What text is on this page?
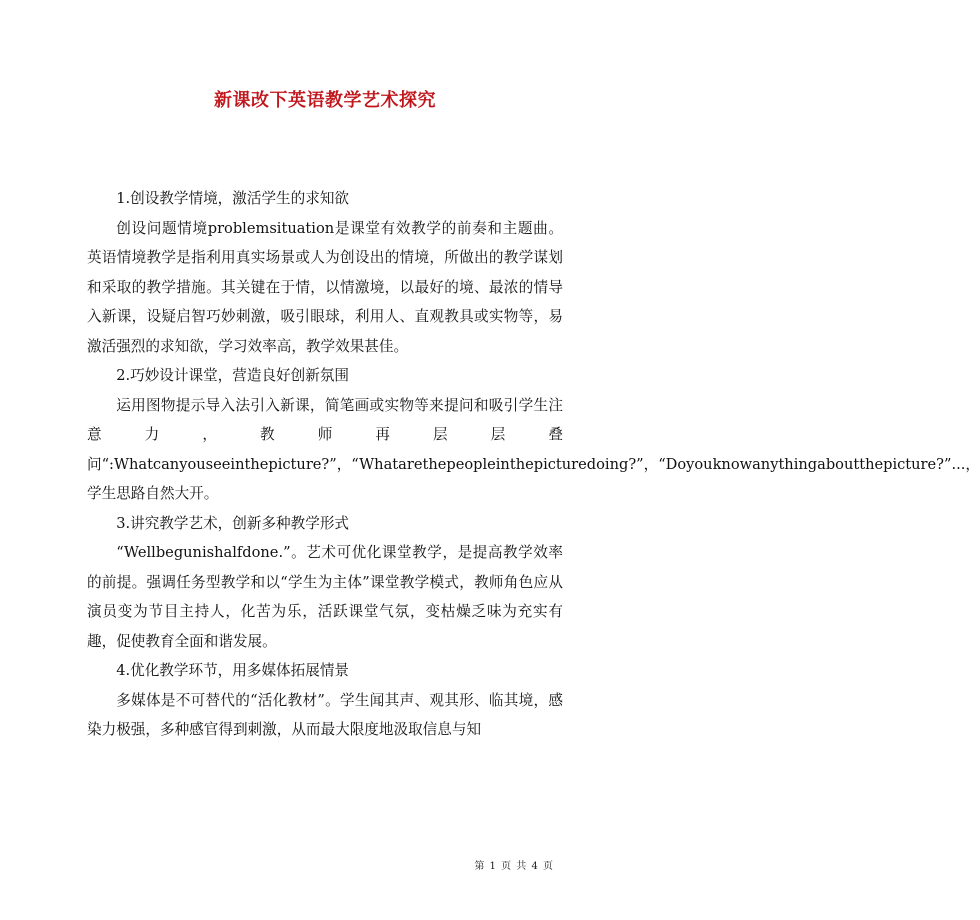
新课改下英语教学艺术探究

1.创设教学情境，激活学生的求知欲

创设问题情境problemsituation是课堂有效教学的前奏和主题曲。英语情境教学是指利用真实场景或人为创设出的情境，所做出的教学谋划和采取的教学措施。其关键在于情，以情激境，以最好的境、最浓的情导入新课，设疑启智巧妙刺激，吸引眼球，利用人、直观教具或实物等，易激活强烈的求知欲，学习效率高，教学效果甚佳。

2.巧妙设计课堂，营造良好创新氛围

运用图物提示导入法引入新课，简笔画或实物等来提问和吸引学生注意力，教师再层层叠问“:Whatcanyouseeinthepicture?”，“Whatarethepeopleinthepicturedoing?”，“Doyouknowanythingaboutthepicture?”...，学生思路自然大开。

3.讲究教学艺术，创新多种教学形式

“Wellbegunishalfdone.”。艺术可优化课堂教学，是提高教学效率的前提。强调任务型教学和以“学生为主体”课堂教学模式，教师角色应从演员变为节目主持人，化苦为乐，活跃课堂气氛，变枯燥乏味为充实有趣，促使教育全面和谐发展。

4.优化教学环节，用多媒体拓展情景

多媒体是不可替代的“活化教材”。学生闻其声、观其形、临其境，感染力极强，多种感官得到刺激，从而最大限度地汲取信息与知

第 1 页 共 4 页
